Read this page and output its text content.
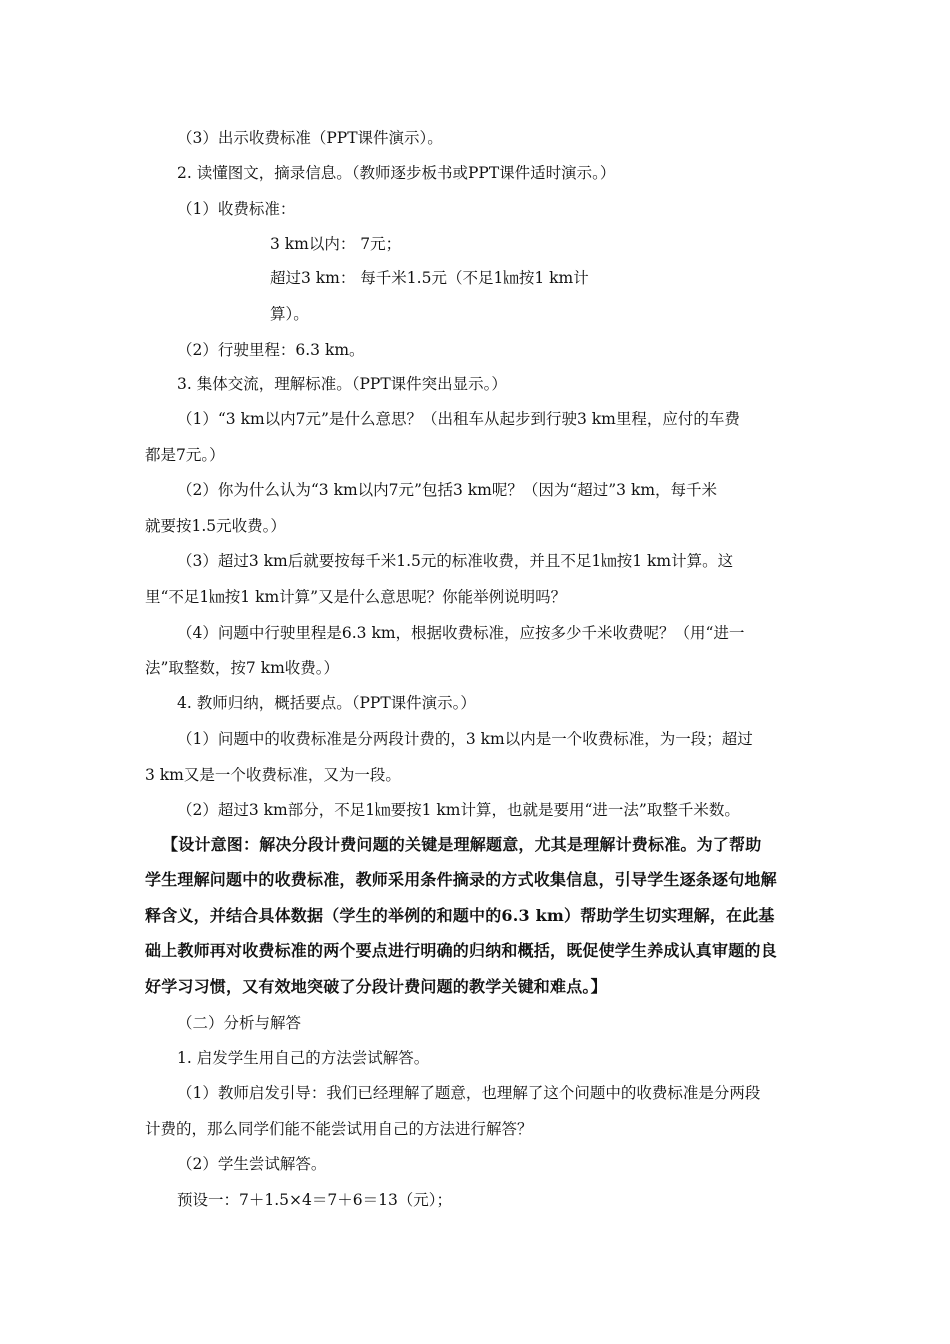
（3）出示收费标准（PPT课件演示）。
2. 读懂图文，摘录信息。（教师逐步板书或PPT课件适时演示。）
（1）收费标准：
3 km以内： 7元；
超过3 km： 每千米1.5元（不足1㎞按1 km计
算）。
（2）行驶里程：6.3 km。
3. 集体交流，理解标准。（PPT课件突出显示。）
（1）“3 km以内7元”是什么意思？（出租车从起步到行驶3 km里程，应付的车费
都是7元。）
（2）你为什么认为“3 km以内7元”包括3 km呢？（因为“超过”3 km，每千米
就要按1.5元收费。）
（3）超过3 km后就要按每千米1.5元的标准收费，并且不足1㎞按1 km计算。这
里“不足1㎞按1 km计算”又是什么意思呢？你能举例说明吗？
（4）问题中行驶里程是6.3 km，根据收费标准，应按多少千米收费呢？（用“进一
法”取整数，按7 km收费。）
4. 教师归纳，概括要点。（PPT课件演示。）
（1）问题中的收费标准是分两段计费的，3 km以内是一个收费标准，为一段；超过
3 km又是一个收费标准，又为一段。
（2）超过3 km部分，不足1㎞要按1 km计算，也就是要用“进一法”取整千米数。
【设计意图：解决分段计费问题的关键是理解题意，尤其是理解计费标准。为了帮助
学生理解问题中的收费标准，教师采用条件摘录的方式收集信息，引导学生逐条逐句地解
释含义，并结合具体数据（学生的举例的和题中的6.3 km）帮助学生切实理解，在此基
础上教师再对收费标准的两个要点进行明确的归纳和概括，既促使学生养成认真审题的良
好学习习惯，又有效地突破了分段计费问题的教学关键和难点。】
（二）分析与解答
1. 启发学生用自己的方法尝试解答。
（1）教师启发引导：我们已经理解了题意，也理解了这个问题中的收费标准是分两段
计费的，那么同学们能不能尝试用自己的方法进行解答？
（2）学生尝试解答。
预设一：7＋1.5×4＝7＋6＝13（元）；
